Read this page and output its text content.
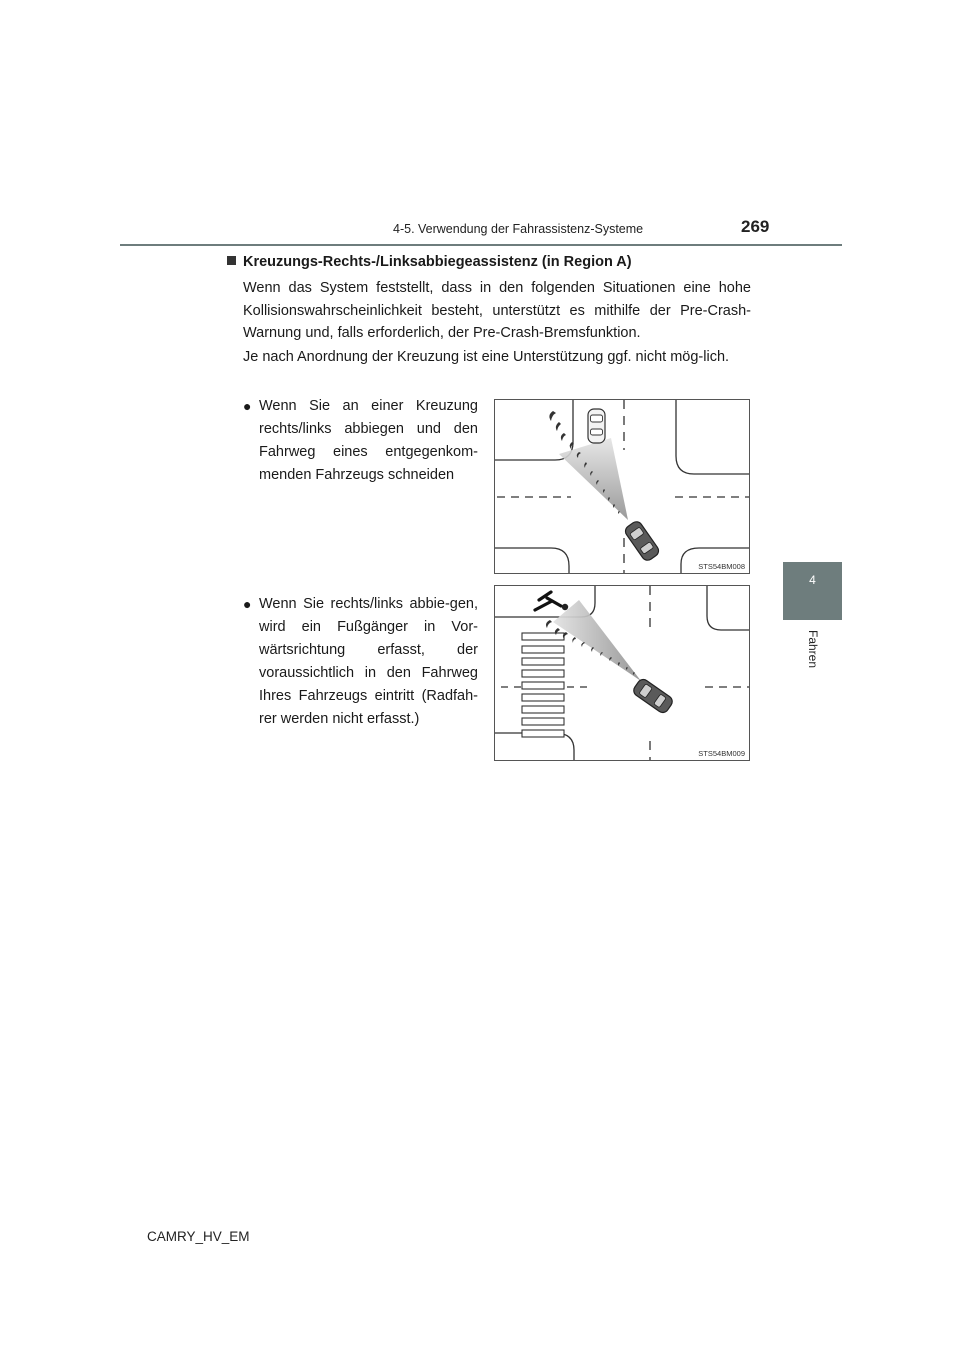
4-5. Verwendung der Fahrassistenz-Systeme	269
4
Fahren
Kreuzungs-Rechts-/Linksabbiegeassistenz (in Region A)
Wenn das System feststellt, dass in den folgenden Situationen eine hohe Kollisionswahrscheinlichkeit besteht, unterstützt es mithilfe der Pre-Crash-Warnung und, falls erforderlich, der Pre-Crash-Bremsfunktion.
Je nach Anordnung der Kreuzung ist eine Unterstützung ggf. nicht mög-lich.
● Wenn Sie an einer Kreuzung rechts/links abbiegen und den Fahrweg eines entgegenkom-menden Fahrzeugs schneiden
● Wenn Sie rechts/links abbie-gen, wird ein Fußgänger in Vor-wärtsrichtung erfasst, der voraussichtlich in den Fahrweg Ihres Fahrzeugs eintritt (Radfah-rer werden nicht erfasst.)
STS54BM008
STS54BM009
CAMRY_HV_EM
